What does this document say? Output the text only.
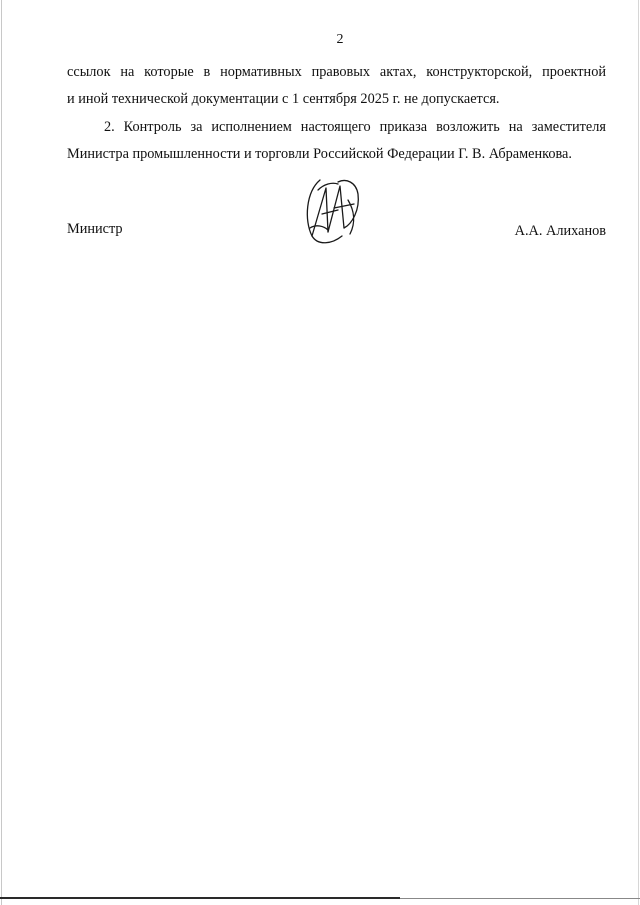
2
ссылок на которые в нормативных правовых актах, конструкторской, проектной
и иной технической документации с 1 сентября 2025 г. не допускается.
2. Контроль за исполнением настоящего приказа возложить на заместителя
Министра промышленности и торговли Российской Федерации Г. В. Абраменкова.
Министр	А.А. Алиханов
